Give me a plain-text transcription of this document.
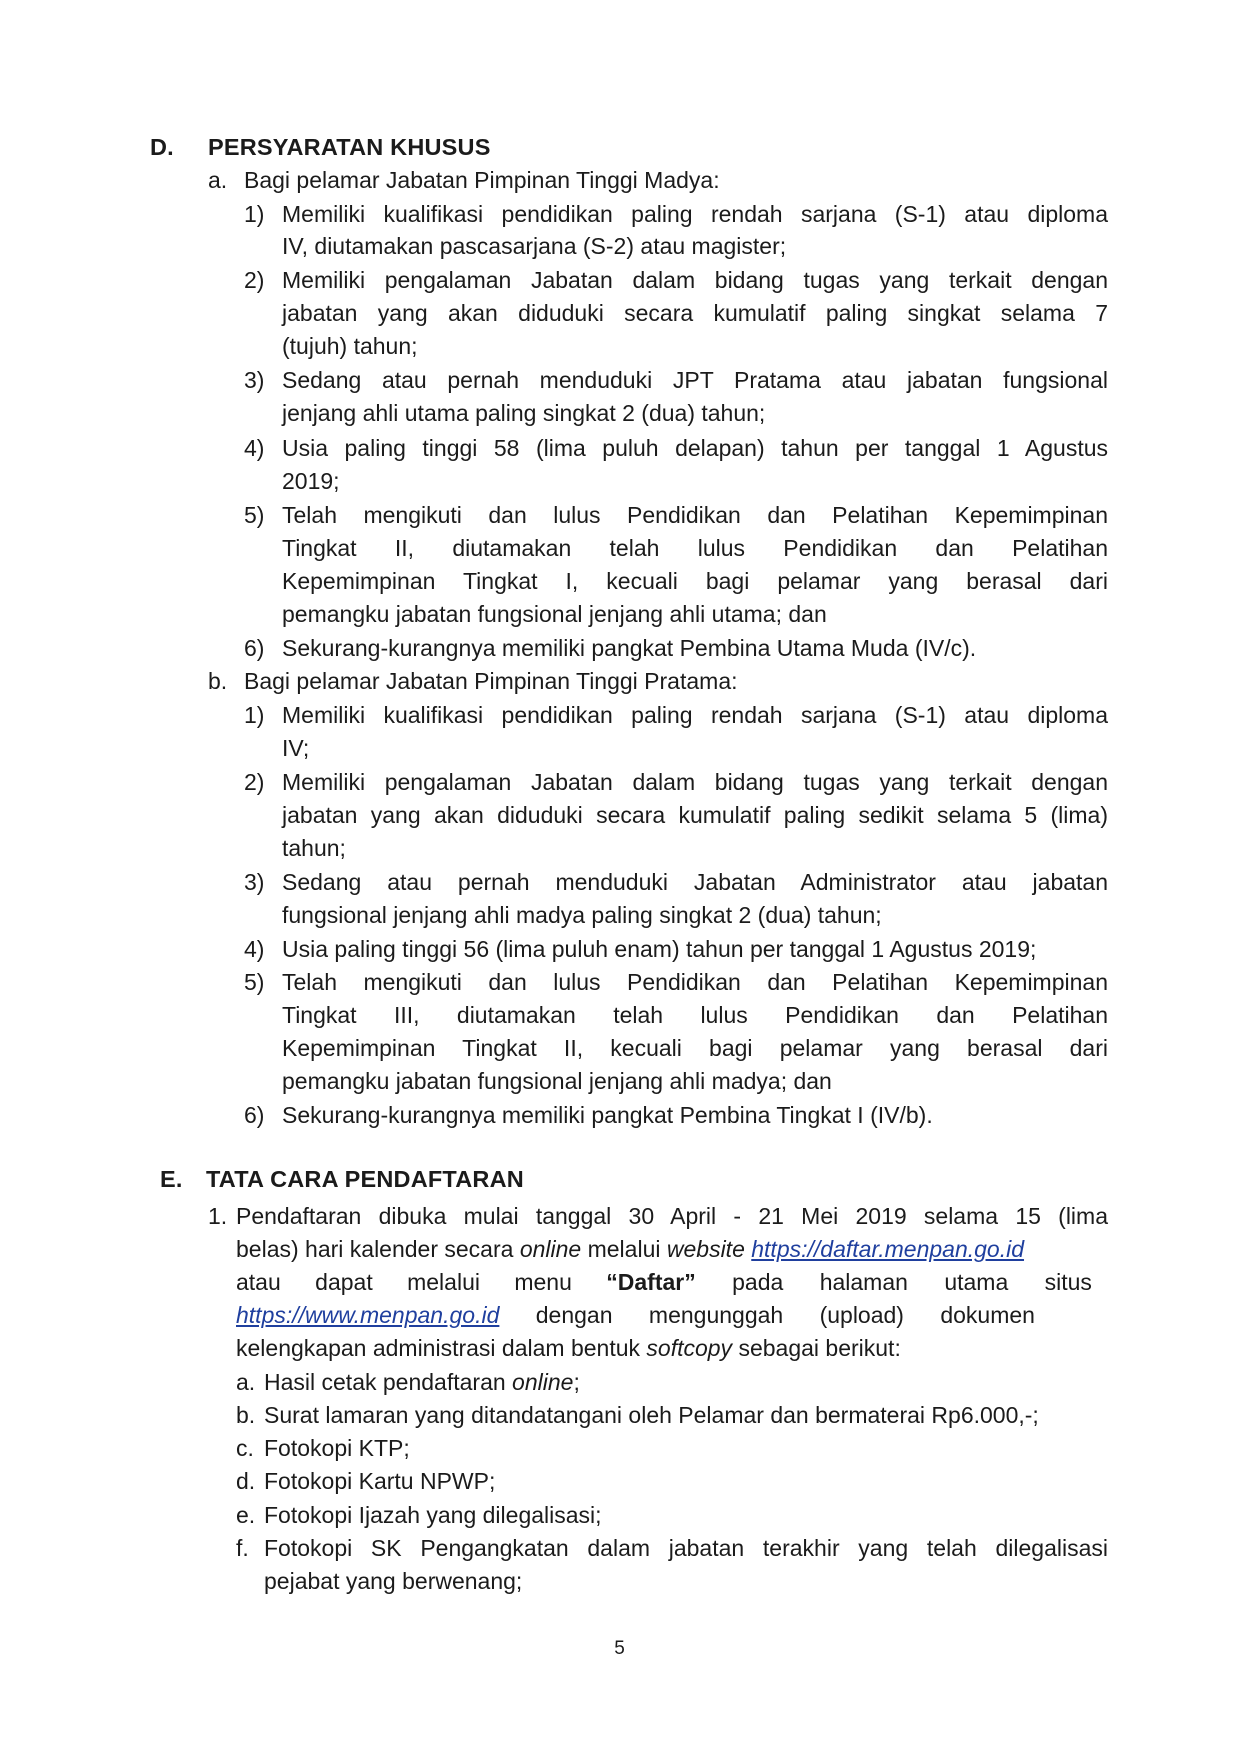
D. PERSYARATAN KHUSUS
a. Bagi pelamar Jabatan Pimpinan Tinggi Madya:
1) Memiliki kualifikasi pendidikan paling rendah sarjana (S-1) atau diploma
IV, diutamakan pascasarjana (S-2) atau magister;
2) Memiliki pengalaman Jabatan dalam bidang tugas yang terkait dengan
jabatan yang akan diduduki secara kumulatif paling singkat selama 7
(tujuh) tahun;
3) Sedang atau pernah menduduki JPT Pratama atau jabatan fungsional
jenjang ahli utama paling singkat 2 (dua) tahun;
4) Usia paling tinggi 58 (lima puluh delapan) tahun per tanggal 1 Agustus
2019;
5) Telah mengikuti dan lulus Pendidikan dan Pelatihan Kepemimpinan
Tingkat II, diutamakan telah lulus Pendidikan dan Pelatihan
Kepemimpinan Tingkat I, kecuali bagi pelamar yang berasal dari
pemangku jabatan fungsional jenjang ahli utama; dan
6) Sekurang-kurangnya memiliki pangkat Pembina Utama Muda (IV/c).
b. Bagi pelamar Jabatan Pimpinan Tinggi Pratama:
1) Memiliki kualifikasi pendidikan paling rendah sarjana (S-1) atau diploma
IV;
2) Memiliki pengalaman Jabatan dalam bidang tugas yang terkait dengan
jabatan yang akan diduduki secara kumulatif paling sedikit selama 5 (lima)
tahun;
3) Sedang atau pernah menduduki Jabatan Administrator atau jabatan
fungsional jenjang ahli madya paling singkat 2 (dua) tahun;
4) Usia paling tinggi 56 (lima puluh enam) tahun per tanggal 1 Agustus 2019;
5) Telah mengikuti dan lulus Pendidikan dan Pelatihan Kepemimpinan
Tingkat III, diutamakan telah lulus Pendidikan dan Pelatihan
Kepemimpinan Tingkat II, kecuali bagi pelamar yang berasal dari
pemangku jabatan fungsional jenjang ahli madya; dan
6) Sekurang-kurangnya memiliki pangkat Pembina Tingkat I (IV/b).
E. TATA CARA PENDAFTARAN
1. Pendaftaran dibuka mulai tanggal 30 April - 21 Mei 2019 selama 15 (lima
belas) hari kalender secara online melalui website https://daftar.menpan.go.id
atau dapat melalui menu “Daftar” pada halaman utama situs
https://www.menpan.go.id dengan mengunggah (upload) dokumen
kelengkapan administrasi dalam bentuk softcopy sebagai berikut:
a. Hasil cetak pendaftaran online;
b. Surat lamaran yang ditandatangani oleh Pelamar dan bermaterai Rp6.000,-;
c. Fotokopi KTP;
d. Fotokopi Kartu NPWP;
e. Fotokopi Ijazah yang dilegalisasi;
f. Fotokopi SK Pengangkatan dalam jabatan terakhir yang telah dilegalisasi
pejabat yang berwenang;
5
